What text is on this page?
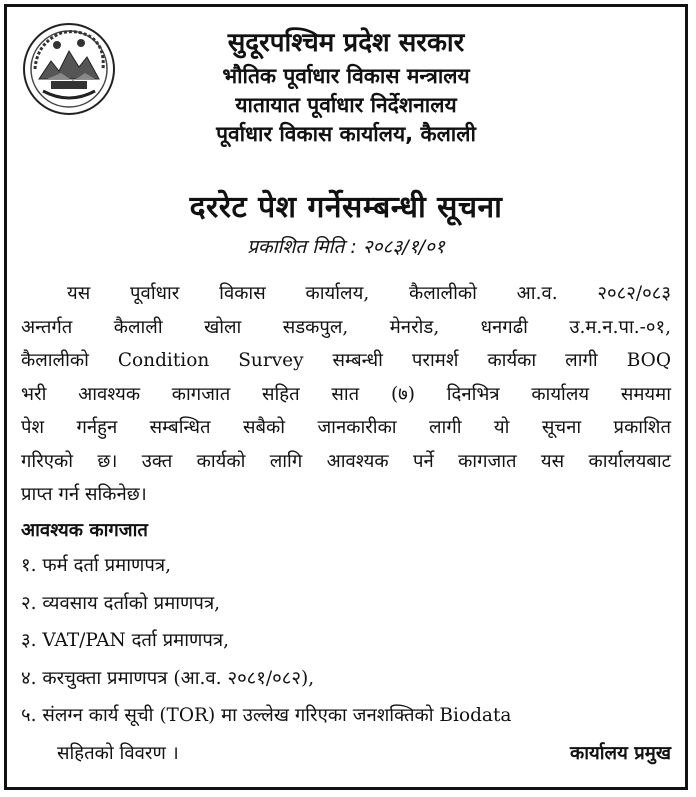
सुदूरपश्चिम प्रदेश सरकार
भौतिक पूर्वाधार विकास मन्त्रालय
यातायात पूर्वाधार निर्देशनालय
पूर्वाधार विकास कार्यालय, कैलाली
दररेट पेश गर्नेसम्बन्धी सूचना
प्रकाशित मिति : २०८३/१/०१

यस पूर्वाधार विकास कार्यालय, कैलालीको आ.व. २०८२/०८३
अन्तर्गत कैलाली खोला सडकपुल, मेनरोड, धनगढी उ.म.न.पा.-०१,
कैलालीको Condition Survey सम्बन्धी परामर्श कार्यका लागी BOQ
भरी आवश्यक कागजात सहित सात (७) दिनभित्र कार्यालय समयमा
पेश गर्नहुन सम्बन्धित सबैको जानकारीका लागी यो सूचना प्रकाशित
गरिएको छ। उक्त कार्यको लागि आवश्यक पर्ने कागजात यस कार्यालयबाट
प्राप्त गर्न सकिनेछ।

आवश्यक कागजात
१. फर्म दर्ता प्रमाणपत्र,
२. व्यवसाय दर्ताको प्रमाणपत्र,
३. VAT/PAN दर्ता प्रमाणपत्र,
४. करचुक्ता प्रमाणपत्र (आ.व. २०८१/०८२),
५. संलग्न कार्य सूची (TOR) मा उल्लेख गरिएका जनशक्तिको Biodata
सहितको विवरण ।	कार्यालय प्रमुख
